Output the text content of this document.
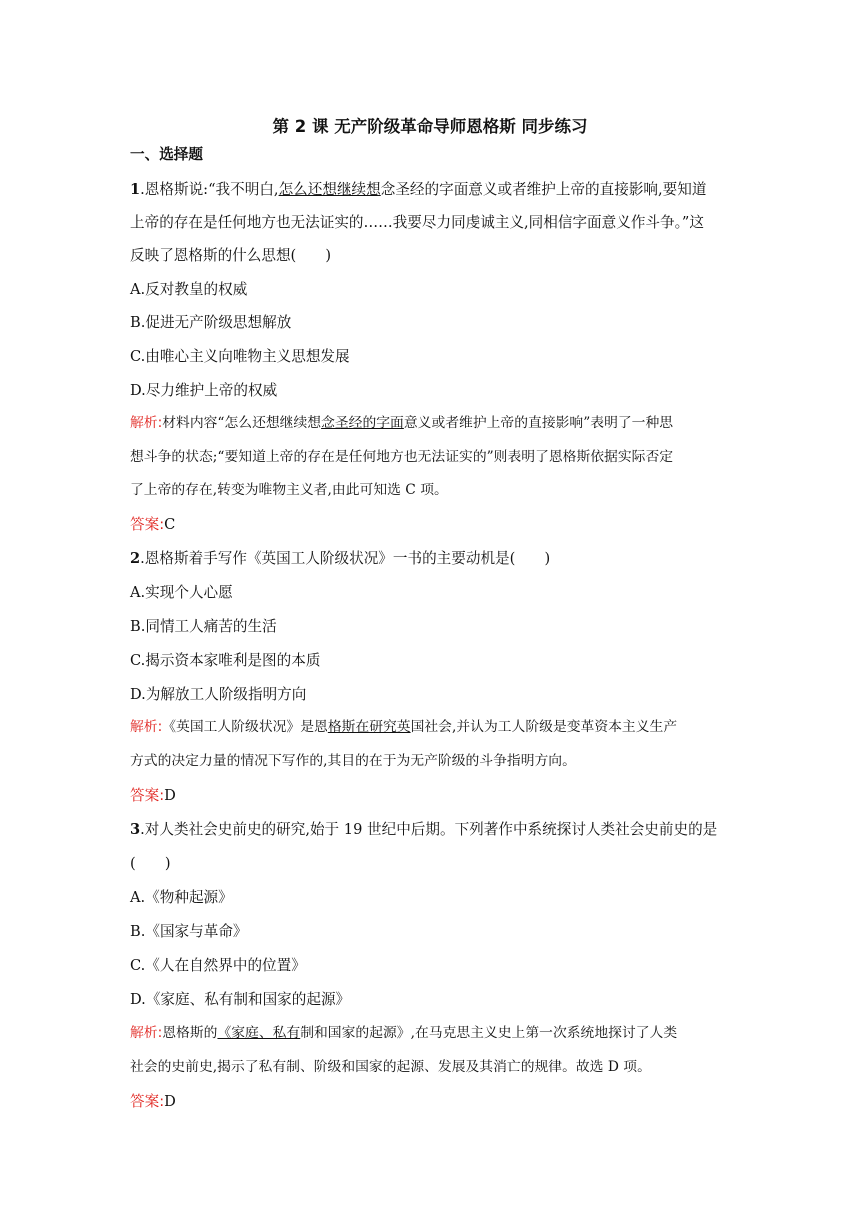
第 2 课 无产阶级革命导师恩格斯 同步练习
一、选择题
1.恩格斯说:“我不明白,怎么还想继续想念圣经的字面意义或者维护上帝的直接影响,要知道
上帝的存在是任何地方也无法证实的……我要尽力同虔诚主义,同相信字面意义作斗争。”这
反映了恩格斯的什么思想(　　)
A.反对教皇的权威
B.促进无产阶级思想解放
C.由唯心主义向唯物主义思想发展
D.尽力维护上帝的权威
解析:材料内容“怎么还想继续想念圣经的字面意义或者维护上帝的直接影响”表明了一种思
想斗争的状态;“要知道上帝的存在是任何地方也无法证实的”则表明了恩格斯依据实际否定
了上帝的存在,转变为唯物主义者,由此可知选 C 项。
答案:C
2.恩格斯着手写作《英国工人阶级状况》一书的主要动机是(　　)
A.实现个人心愿
B.同情工人痛苦的生活
C.揭示资本家唯利是图的本质
D.为解放工人阶级指明方向
解析:《英国工人阶级状况》是恩格斯在研究英国社会,并认为工人阶级是变革资本主义生产
方式的决定力量的情况下写作的,其目的在于为无产阶级的斗争指明方向。
答案:D
3.对人类社会史前史的研究,始于 19 世纪中后期。下列著作中系统探讨人类社会史前史的是
(　　)
A.《物种起源》
B.《国家与革命》
C.《人在自然界中的位置》
D.《家庭、私有制和国家的起源》
解析:恩格斯的《家庭、私有制和国家的起源》,在马克思主义史上第一次系统地探讨了人类
社会的史前史,揭示了私有制、阶级和国家的起源、发展及其消亡的规律。故选 D 项。
答案:D
